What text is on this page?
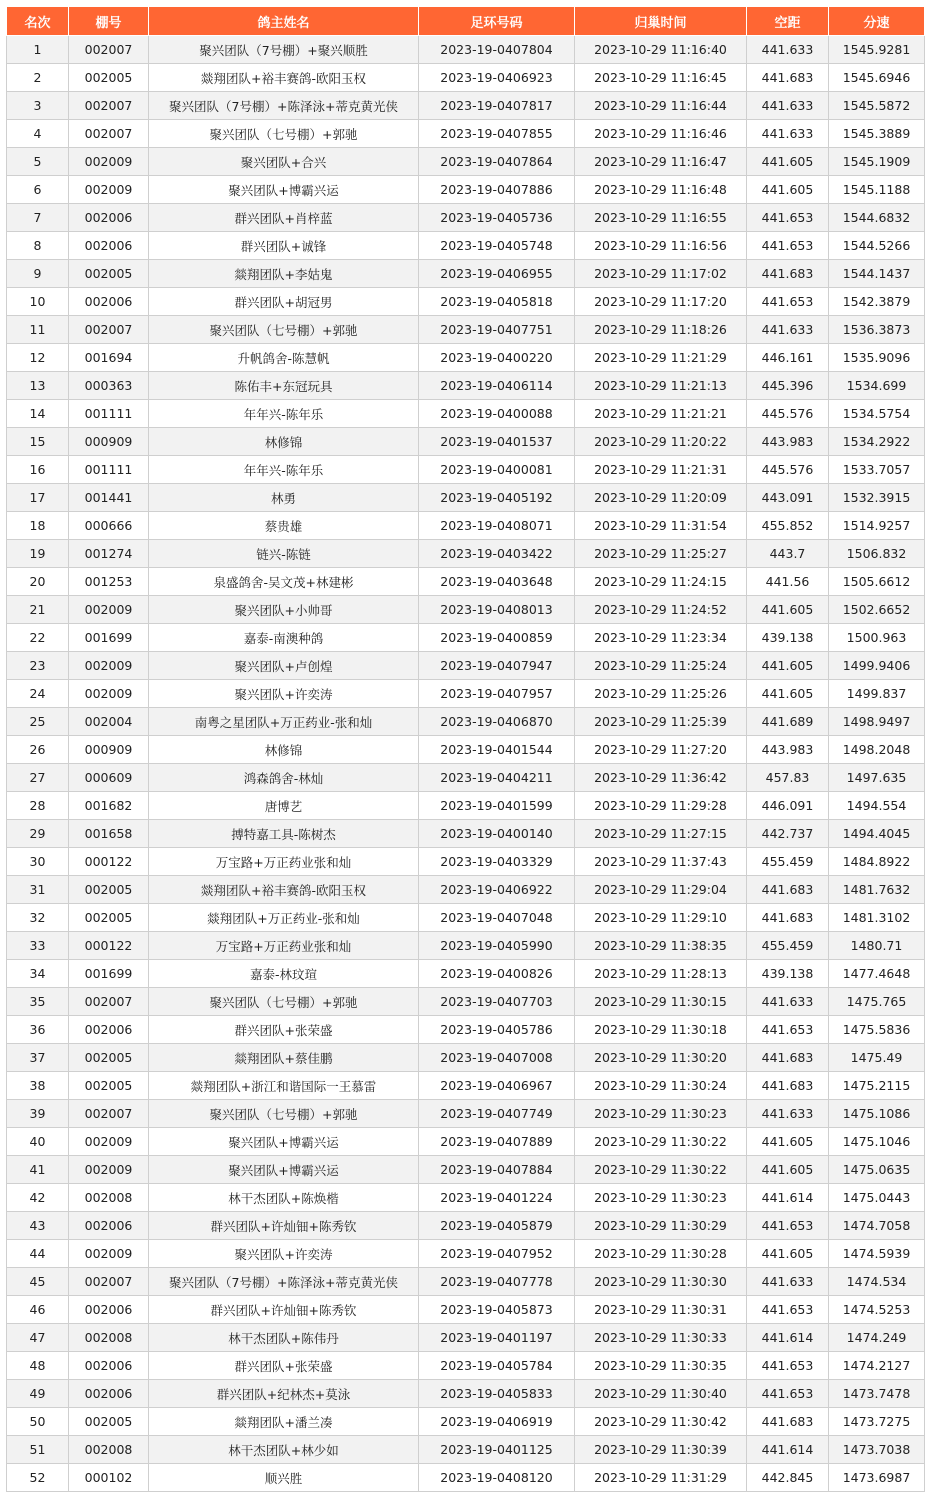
名次	棚号	鸽主姓名	足环号码	归巢时间	空距	分速
1	002007	聚兴团队（7号棚）+聚兴顺胜	2023-19-0407804	2023-10-29 11:16:40	441.633	1545.9281
2	002005	燚翔团队+裕丰赛鸽-欧阳玉权	2023-19-0406923	2023-10-29 11:16:45	441.683	1545.6946
3	002007	聚兴团队（7号棚）+陈泽泳+蒂克黄光侠	2023-19-0407817	2023-10-29 11:16:44	441.633	1545.5872
4	002007	聚兴团队（七号棚）+郭驰	2023-19-0407855	2023-10-29 11:16:46	441.633	1545.3889
5	002009	聚兴团队+合兴	2023-19-0407864	2023-10-29 11:16:47	441.605	1545.1909
6	002009	聚兴团队+博霸兴运	2023-19-0407886	2023-10-29 11:16:48	441.605	1545.1188
7	002006	群兴团队+肖梓蓝	2023-19-0405736	2023-10-29 11:16:55	441.653	1544.6832
8	002006	群兴团队+诚锋	2023-19-0405748	2023-10-29 11:16:56	441.653	1544.5266
9	002005	燚翔团队+李姑鬼	2023-19-0406955	2023-10-29 11:17:02	441.683	1544.1437
10	002006	群兴团队+胡冠男	2023-19-0405818	2023-10-29 11:17:20	441.653	1542.3879
11	002007	聚兴团队（七号棚）+郭驰	2023-19-0407751	2023-10-29 11:18:26	441.633	1536.3873
12	001694	升帆鸽舍-陈慧帆	2023-19-0400220	2023-10-29 11:21:29	446.161	1535.9096
13	000363	陈佑丰+东冠玩具	2023-19-0406114	2023-10-29 11:21:13	445.396	1534.699
14	001111	年年兴-陈年乐	2023-19-0400088	2023-10-29 11:21:21	445.576	1534.5754
15	000909	林修锦	2023-19-0401537	2023-10-29 11:20:22	443.983	1534.2922
16	001111	年年兴-陈年乐	2023-19-0400081	2023-10-29 11:21:31	445.576	1533.7057
17	001441	林勇	2023-19-0405192	2023-10-29 11:20:09	443.091	1532.3915
18	000666	蔡贵雄	2023-19-0408071	2023-10-29 11:31:54	455.852	1514.9257
19	001274	链兴-陈链	2023-19-0403422	2023-10-29 11:25:27	443.7	1506.832
20	001253	泉盛鸽舍-吴文茂+林建彬	2023-19-0403648	2023-10-29 11:24:15	441.56	1505.6612
21	002009	聚兴团队+小帅哥	2023-19-0408013	2023-10-29 11:24:52	441.605	1502.6652
22	001699	嘉泰-南澳种鸽	2023-19-0400859	2023-10-29 11:23:34	439.138	1500.963
23	002009	聚兴团队+卢创煌	2023-19-0407947	2023-10-29 11:25:24	441.605	1499.9406
24	002009	聚兴团队+许奕涛	2023-19-0407957	2023-10-29 11:25:26	441.605	1499.837
25	002004	南粤之星团队+万正药业-张和灿	2023-19-0406870	2023-10-29 11:25:39	441.689	1498.9497
26	000909	林修锦	2023-19-0401544	2023-10-29 11:27:20	443.983	1498.2048
27	000609	鸿森鸽舍-林灿	2023-19-0404211	2023-10-29 11:36:42	457.83	1497.635
28	001682	唐博艺	2023-19-0401599	2023-10-29 11:29:28	446.091	1494.554
29	001658	搏特嘉工具-陈树杰	2023-19-0400140	2023-10-29 11:27:15	442.737	1494.4045
30	000122	万宝路+万正药业张和灿	2023-19-0403329	2023-10-29 11:37:43	455.459	1484.8922
31	002005	燚翔团队+裕丰赛鸽-欧阳玉权	2023-19-0406922	2023-10-29 11:29:04	441.683	1481.7632
32	002005	燚翔团队+万正药业-张和灿	2023-19-0407048	2023-10-29 11:29:10	441.683	1481.3102
33	000122	万宝路+万正药业张和灿	2023-19-0405990	2023-10-29 11:38:35	455.459	1480.71
34	001699	嘉泰-林玟瑄	2023-19-0400826	2023-10-29 11:28:13	439.138	1477.4648
35	002007	聚兴团队（七号棚）+郭驰	2023-19-0407703	2023-10-29 11:30:15	441.633	1475.765
36	002006	群兴团队+张荣盛	2023-19-0405786	2023-10-29 11:30:18	441.653	1475.5836
37	002005	燚翔团队+蔡佳鹏	2023-19-0407008	2023-10-29 11:30:20	441.683	1475.49
38	002005	燚翔团队+浙江和谐国际一王慕雷	2023-19-0406967	2023-10-29 11:30:24	441.683	1475.2115
39	002007	聚兴团队（七号棚）+郭驰	2023-19-0407749	2023-10-29 11:30:23	441.633	1475.1086
40	002009	聚兴团队+博霸兴运	2023-19-0407889	2023-10-29 11:30:22	441.605	1475.1046
41	002009	聚兴团队+博霸兴运	2023-19-0407884	2023-10-29 11:30:22	441.605	1475.0635
42	002008	林干杰团队+陈焕楷	2023-19-0401224	2023-10-29 11:30:23	441.614	1475.0443
43	002006	群兴团队+许灿钿+陈秀钦	2023-19-0405879	2023-10-29 11:30:29	441.653	1474.7058
44	002009	聚兴团队+许奕涛	2023-19-0407952	2023-10-29 11:30:28	441.605	1474.5939
45	002007	聚兴团队（7号棚）+陈泽泳+蒂克黄光侠	2023-19-0407778	2023-10-29 11:30:30	441.633	1474.534
46	002006	群兴团队+许灿钿+陈秀钦	2023-19-0405873	2023-10-29 11:30:31	441.653	1474.5253
47	002008	林干杰团队+陈伟丹	2023-19-0401197	2023-10-29 11:30:33	441.614	1474.249
48	002006	群兴团队+张荣盛	2023-19-0405784	2023-10-29 11:30:35	441.653	1474.2127
49	002006	群兴团队+纪林杰+莫泳	2023-19-0405833	2023-10-29 11:30:40	441.653	1473.7478
50	002005	燚翔团队+潘兰凑	2023-19-0406919	2023-10-29 11:30:42	441.683	1473.7275
51	002008	林干杰团队+林少如	2023-19-0401125	2023-10-29 11:30:39	441.614	1473.7038
52	000102	顺兴胜	2023-19-0408120	2023-10-29 11:31:29	442.845	1473.6987
